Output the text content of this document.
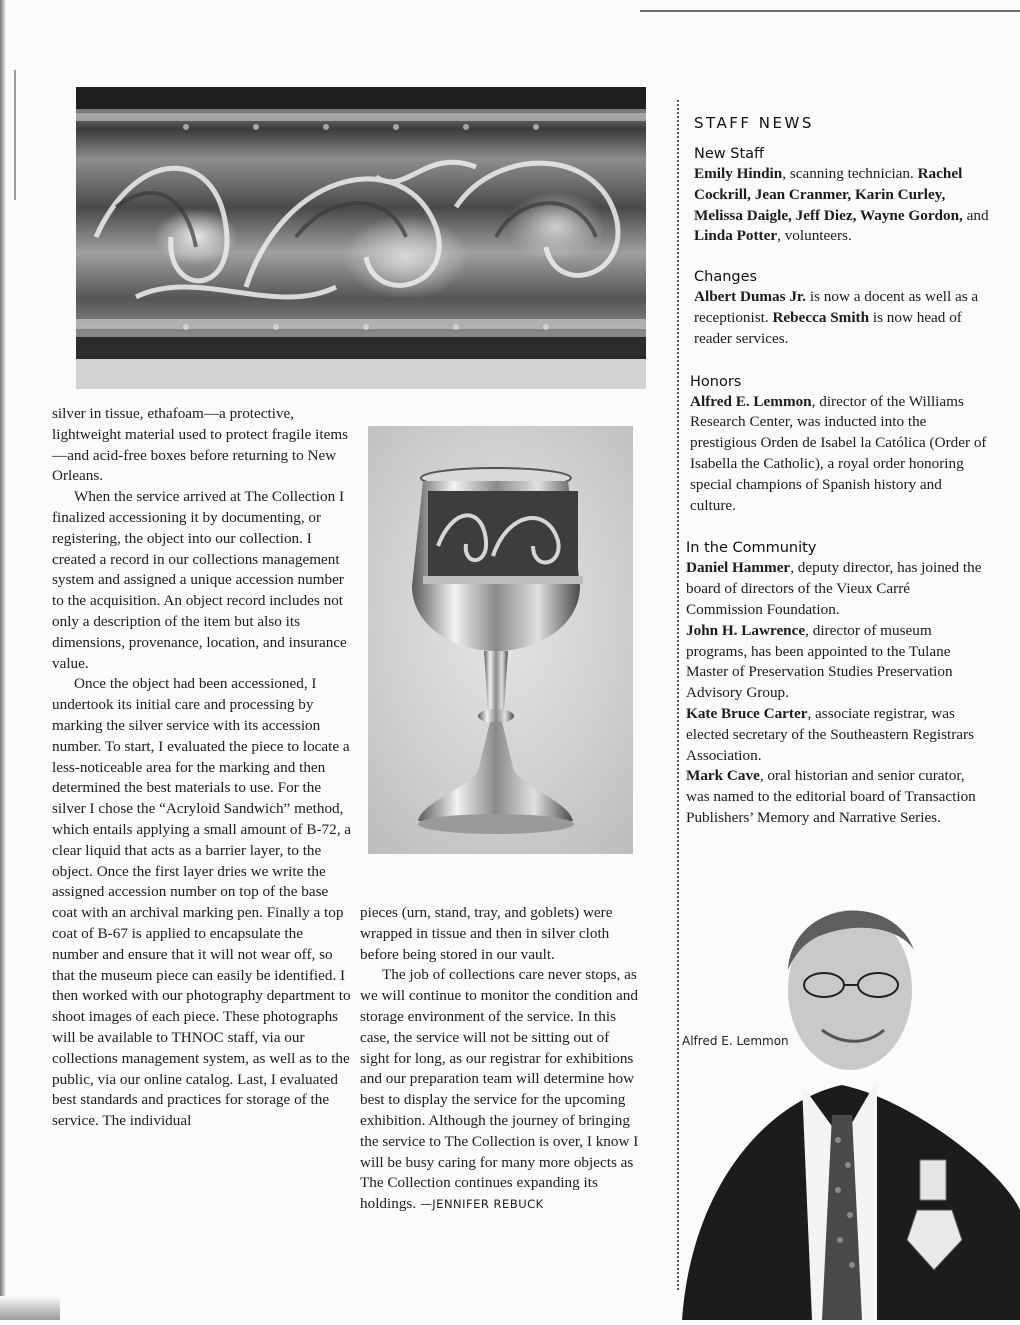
Alfred E. Lemmon

silver in tissue, ethafoam—a protective, lightweight material used to protect fragile items—and acid-free boxes before returning to New Orleans.

When the service arrived at The Collection I finalized accessioning it by documenting, or registering, the object into our collection. I created a record in our collections management system and assigned a unique accession number to the acquisition. An object record includes not only a description of the item but also its dimensions, provenance, location, and insurance value.

Once the object had been accessioned, I undertook its initial care and processing by marking the silver service with its accession number. To start, I evaluated the piece to locate a less-noticeable area for the marking and then determined the best materials to use. For the silver I chose the “Acryloid Sandwich” method, which entails applying a small amount of B-72, a clear liquid that acts as a barrier layer, to the object. Once the first layer dries we write the assigned accession number on top of the base coat with an archival marking pen. Finally a top coat of B-67 is applied to encapsulate the number and ensure that it will not wear off, so that the museum piece can easily be identified. I then worked with our photography department to shoot images of each piece. These photographs will be available to THNOC staff, via our collections management system, as well as to the public, via our online catalog. Last, I evaluated best standards and practices for storage of the service. The individual

pieces (urn, stand, tray, and goblets) were wrapped in tissue and then in silver cloth before being stored in our vault.

The job of collections care never stops, as we will continue to monitor the condition and storage environment of the service. In this case, the service will not be sitting out of sight for long, as our registrar for exhibitions and our preparation team will determine how best to display the service for the upcoming exhibition. Although the journey of bringing the service to The Collection is over, I know I will be busy caring for many more objects as The Collection continues expanding its holdings. —JENNIFER REBUCK

STAFF NEWS
New Staff

Emily Hindin, scanning technician. Rachel Cockrill, Jean Cranmer, Karin Curley, Melissa Daigle, Jeff Diez, Wayne Gordon, and Linda Potter, volunteers.

Changes

Albert Dumas Jr. is now a docent as well as a receptionist. Rebecca Smith is now head of reader services.

Honors

Alfred E. Lemmon, director of the Williams Research Center, was inducted into the prestigious Orden de Isabel la Católica (Order of Isabella the Catholic), a royal order honoring special champions of Spanish history and culture.

In the Community

Daniel Hammer, deputy director, has joined the board of directors of the Vieux Carré Commission Foundation.

John H. Lawrence, director of museum programs, has been appointed to the Tulane Master of Preservation Studies Preservation Advisory Group.

Kate Bruce Carter, associate registrar, was elected secretary of the Southeastern Registrars Association.

Mark Cave, oral historian and senior curator, was named to the editorial board of Transaction Publishers’ Memory and Narrative Series.
